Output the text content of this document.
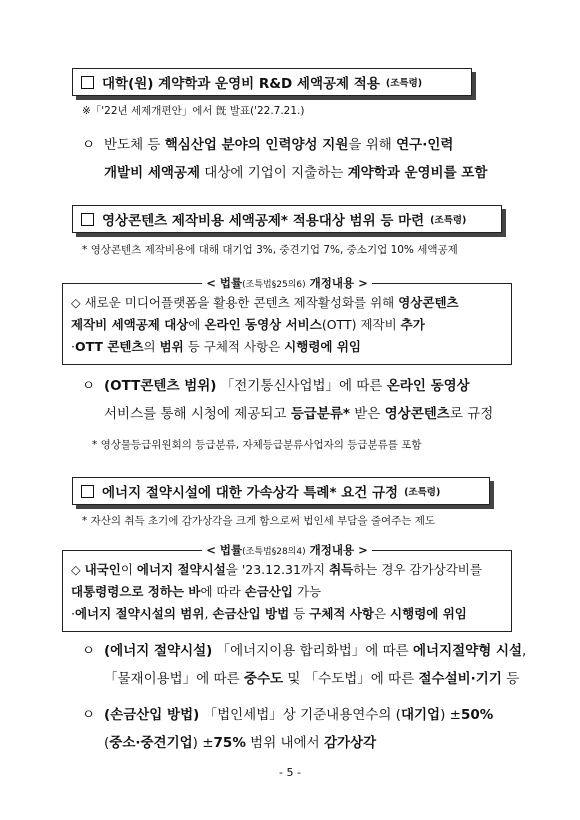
대학(원) 계약학과 운영비 R&D 세액공제 적용 (조특령)
※「'22년 세제개편안」에서 旣 발표('22.7.21.)
ㅇ 반도체 등 핵심산업 분야의 인력양성 지원을 위해 연구·인력
개발비 세액공제 대상에 기업이 지출하는 계약학과 운영비를 포함
영상콘텐츠 제작비용 세액공제* 적용대상 범위 등 마련 (조특령)
* 영상콘텐츠 제작비용에 대해 대기업 3%, 중견기업 7%, 중소기업 10% 세액공제
< 법률(조특법§25의6) 개정내용 >
◇ 새로운 미디어플랫폼을 활용한 콘텐츠 제작활성화를 위해 영상콘텐츠
제작비 세액공제 대상에 온라인 동영상 서비스(OTT) 제작비 추가
·OTT 콘텐츠의 범위 등 구체적 사항은 시행령에 위임
ㅇ (OTT콘텐츠 범위) 「전기통신사업법」에 따른 온라인 동영상
서비스를 통해 시청에 제공되고 등급분류* 받은 영상콘텐츠로 규정
* 영상물등급위원회의 등급분류, 자체등급분류사업자의 등급분류를 포함
에너지 절약시설에 대한 가속상각 특례* 요건 규정 (조특령)
* 자산의 취득 초기에 감가상각을 크게 함으로써 법인세 부담을 줄여주는 제도
< 법률(조특법§28의4) 개정내용 >
◇ 내국인이 에너지 절약시설을 '23.12.31까지 취득하는 경우 감가상각비를
대통령령으로 정하는 바에 따라 손금산입 가능
·에너지 절약시설의 범위, 손금산입 방법 등 구체적 사항은 시행령에 위임
ㅇ (에너지 절약시설) 「에너지이용 합리화법」에 따른 에너지절약형 시설,
「물재이용법」에 따른 중수도 및 「수도법」에 따른 절수설비·기기 등
ㅇ (손금산입 방법) 「법인세법」상 기준내용연수의 (대기업) ±50%
(중소·중견기업) ±75% 범위 내에서 감가상각
- 5 -
